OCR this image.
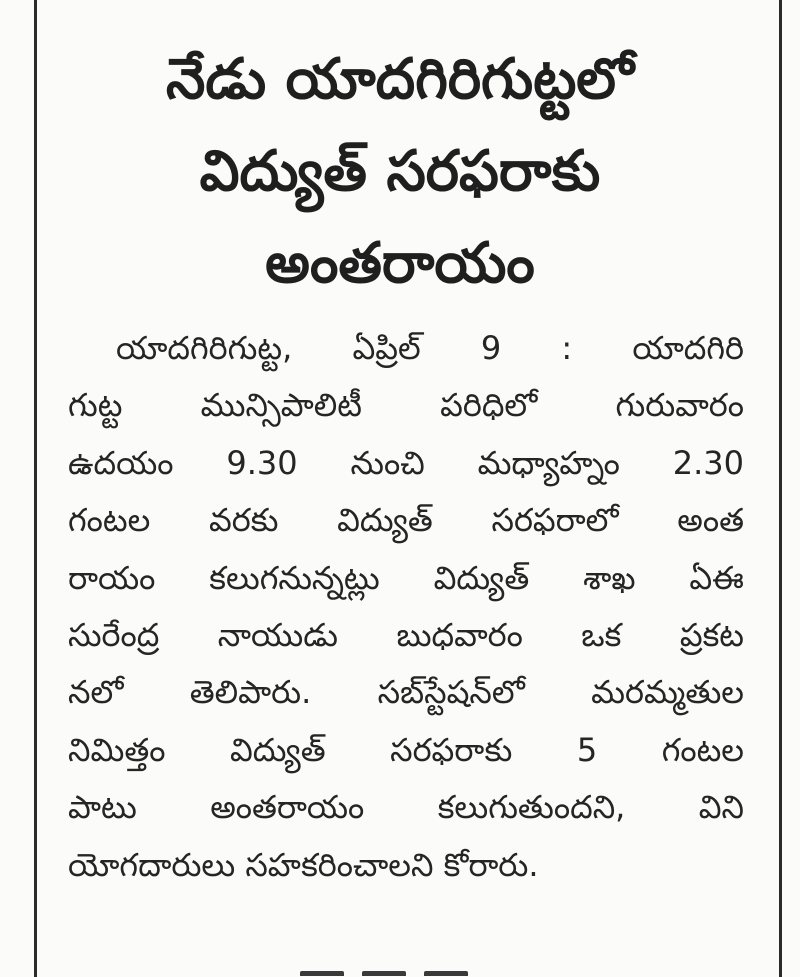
నేడు యాదగిరిగుట్టలో
విద్యుత్ సరఫరాకు
అంతరాయం
యాదగిరిగుట్ట, ఏప్రిల్ 9 : యాదగిరి
గుట్ట మున్సిపాలిటీ పరిధిలో గురువారం
ఉదయం 9.30 నుంచి మధ్యాహ్నం 2.30
గంటల వరకు విద్యుత్ సరఫరాలో అంత
రాయం కలుగనున్నట్లు విద్యుత్ శాఖ ఏఈ
సురేంద్ర నాయుడు బుధవారం ఒక ప్రకట
నలో తెలిపారు. సబ్‌స్టేషన్‌లో మరమ్మతుల
నిమిత్తం విద్యుత్ సరఫరాకు 5 గంటల
పాటు అంతరాయం కలుగుతుందని, విని
యోగదారులు సహకరించాలని కోరారు.
